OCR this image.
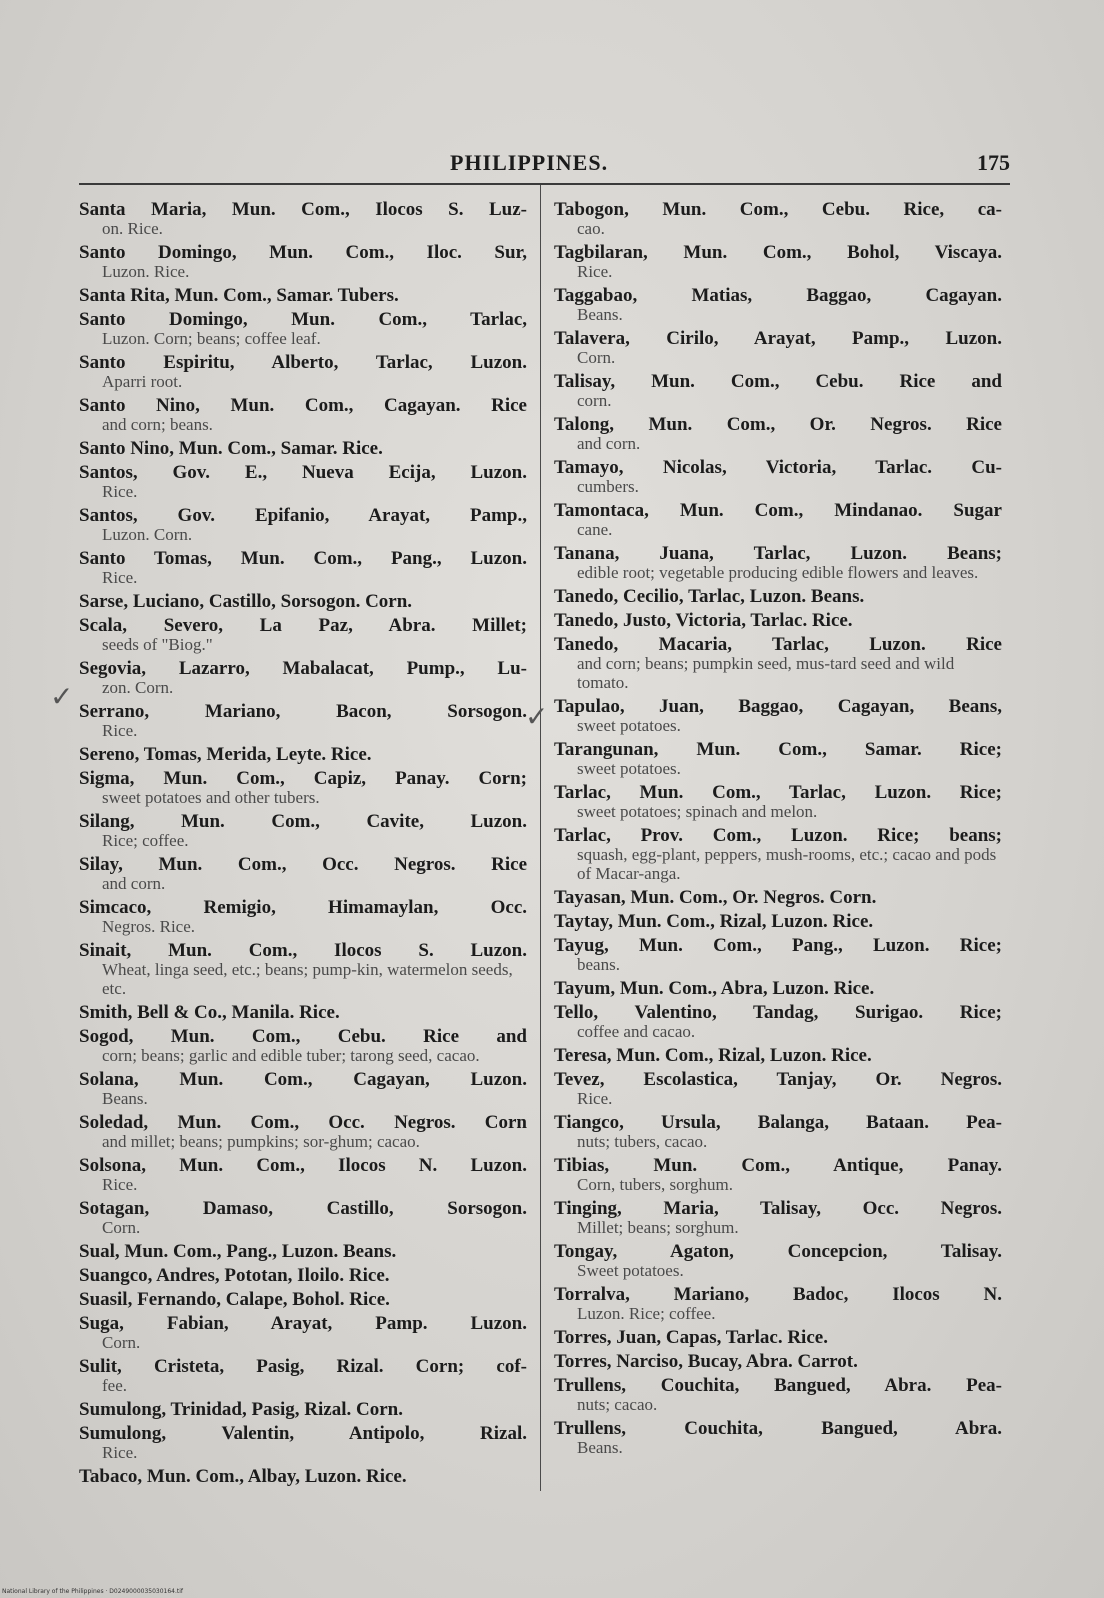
PHILIPPINES.	175
Santa Maria, Mun. Com., Ilocos S. Luz-
on. Rice.
Santo Domingo, Mun. Com., Iloc. Sur,
Luzon. Rice.
Santa Rita, Mun. Com., Samar. Tubers.
Santo Domingo, Mun. Com., Tarlac,
Luzon. Corn; beans; coffee leaf.
Santo Espiritu, Alberto, Tarlac, Luzon.
Aparri root.
Santo Nino, Mun. Com., Cagayan. Rice
and corn; beans.
Santo Nino, Mun. Com., Samar. Rice.
Santos, Gov. E., Nueva Ecija, Luzon.
Rice.
Santos, Gov. Epifanio, Arayat, Pamp.,
Luzon. Corn.
Santo Tomas, Mun. Com., Pang., Luzon.
Rice.
Sarse, Luciano, Castillo, Sorsogon. Corn.
Scala, Severo, La Paz, Abra. Millet;
seeds of "Biog."
Segovia, Lazarro, Mabalacat, Pump., Lu-
zon. Corn.
Serrano, Mariano, Bacon, Sorsogon.
Rice.
Sereno, Tomas, Merida, Leyte. Rice.
Sigma, Mun. Com., Capiz, Panay. Corn;
sweet potatoes and other tubers.
Silang, Mun. Com., Cavite, Luzon.
Rice; coffee.
Silay, Mun. Com., Occ. Negros. Rice
and corn.
Simcaco, Remigio, Himamaylan, Occ.
Negros. Rice.
Sinait, Mun. Com., Ilocos S. Luzon.
Wheat, linga seed, etc.; beans; pump-kin, watermelon seeds, etc.
Smith, Bell & Co., Manila. Rice.
Sogod, Mun. Com., Cebu. Rice and
corn; beans; garlic and edible tuber; tarong seed, cacao.
Solana, Mun. Com., Cagayan, Luzon.
Beans.
Soledad, Mun. Com., Occ. Negros. Corn
and millet; beans; pumpkins; sor-ghum; cacao.
Solsona, Mun. Com., Ilocos N. Luzon.
Rice.
Sotagan, Damaso, Castillo, Sorsogon.
Corn.
Sual, Mun. Com., Pang., Luzon. Beans.
Suangco, Andres, Pototan, Iloilo. Rice.
Suasil, Fernando, Calape, Bohol. Rice.
Suga, Fabian, Arayat, Pamp. Luzon.
Corn.
Sulit, Cristeta, Pasig, Rizal. Corn; cof-
fee.
Sumulong, Trinidad, Pasig, Rizal. Corn.
Sumulong, Valentin, Antipolo, Rizal.
Rice.
Tabaco, Mun. Com., Albay, Luzon. Rice.
Tabogon, Mun. Com., Cebu. Rice, ca-
cao.
Tagbilaran, Mun. Com., Bohol, Viscaya.
Rice.
Taggabao, Matias, Baggao, Cagayan.
Beans.
Talavera, Cirilo, Arayat, Pamp., Luzon.
Corn.
Talisay, Mun. Com., Cebu. Rice and
corn.
Talong, Mun. Com., Or. Negros. Rice
and corn.
Tamayo, Nicolas, Victoria, Tarlac. Cu-
cumbers.
Tamontaca, Mun. Com., Mindanao. Sugar
cane.
Tanana, Juana, Tarlac, Luzon. Beans;
edible root; vegetable producing edible flowers and leaves.
Tanedo, Cecilio, Tarlac, Luzon. Beans.
Tanedo, Justo, Victoria, Tarlac. Rice.
Tanedo, Macaria, Tarlac, Luzon. Rice
and corn; beans; pumpkin seed, mus-tard seed and wild tomato.
Tapulao, Juan, Baggao, Cagayan, Beans,
sweet potatoes.
Tarangunan, Mun. Com., Samar. Rice;
sweet potatoes.
Tarlac, Mun. Com., Tarlac, Luzon. Rice;
sweet potatoes; spinach and melon.
Tarlac, Prov. Com., Luzon. Rice; beans;
squash, egg-plant, peppers, mush-rooms, etc.; cacao and pods of Macar-anga.
Tayasan, Mun. Com., Or. Negros. Corn.
Taytay, Mun. Com., Rizal, Luzon. Rice.
Tayug, Mun. Com., Pang., Luzon. Rice;
beans.
Tayum, Mun. Com., Abra, Luzon. Rice.
Tello, Valentino, Tandag, Surigao. Rice;
coffee and cacao.
Teresa, Mun. Com., Rizal, Luzon. Rice.
Tevez, Escolastica, Tanjay, Or. Negros.
Rice.
Tiangco, Ursula, Balanga, Bataan. Pea-
nuts; tubers, cacao.
Tibias, Mun. Com., Antique, Panay.
Corn, tubers, sorghum.
Tinging, Maria, Talisay, Occ. Negros.
Millet; beans; sorghum.
Tongay, Agaton, Concepcion, Talisay.
Sweet potatoes.
Torralva, Mariano, Badoc, Ilocos N.
Luzon. Rice; coffee.
Torres, Juan, Capas, Tarlac. Rice.
Torres, Narciso, Bucay, Abra. Carrot.
Trullens, Couchita, Bangued, Abra. Pea-
nuts; cacao.
Trullens, Couchita, Bangued, Abra.
Beans.
✓
✓
National Library of the Philippines · D0249000035030164.tif
